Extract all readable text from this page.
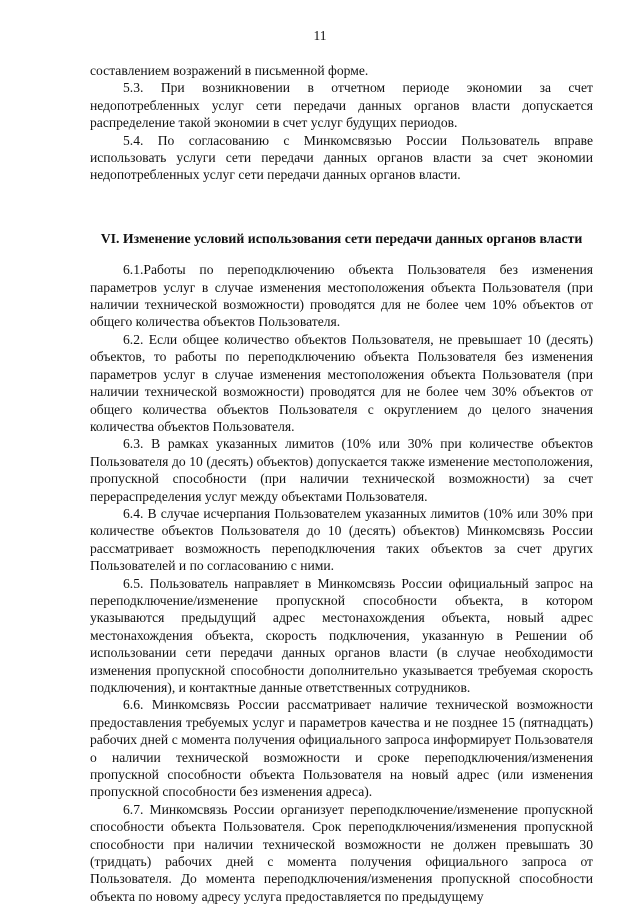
11

составлением возражений в письменной форме.

5.3. При возникновении в отчетном периоде экономии за счет недопотребленных услуг сети передачи данных органов власти допускается распределение такой экономии в счет услуг будущих периодов.

5.4. По согласованию с Минкомсвязью России Пользователь вправе использовать услуги сети передачи данных органов власти за счет экономии недопотребленных услуг сети передачи данных органов власти.

VI. Изменение условий использования сети передачи данных органов власти

6.1.Работы по переподключению объекта Пользователя без изменения параметров услуг в случае изменения местоположения объекта Пользователя (при наличии технической возможности) проводятся для не более чем 10% объектов от общего количества объектов Пользователя.

6.2. Если общее количество объектов Пользователя, не превышает 10 (десять) объектов, то работы по переподключению объекта Пользователя без изменения параметров услуг в случае изменения местоположения объекта Пользователя (при наличии технической возможности) проводятся для не более чем 30% объектов от общего количества объектов Пользователя с округлением до целого значения количества объектов Пользователя.

6.3. В рамках указанных лимитов (10% или 30% при количестве объектов Пользователя до 10 (десять) объектов) допускается также изменение местоположения, пропускной способности (при наличии технической возможности) за счет перераспределения услуг между объектами Пользователя.

6.4. В случае исчерпания Пользователем указанных лимитов (10% или 30% при количестве объектов Пользователя до 10 (десять) объектов) Минкомсвязь России рассматривает возможность переподключения таких объектов за счет других Пользователей и по согласованию с ними.

6.5. Пользователь направляет в Минкомсвязь России официальный запрос на переподключение/изменение пропускной способности объекта, в котором указываются предыдущий адрес местонахождения объекта, новый адрес местонахождения объекта, скорость подключения, указанную в Решении об использовании сети передачи данных органов власти (в случае необходимости изменения пропускной способности дополнительно указывается требуемая скорость подключения), и контактные данные ответственных сотрудников.

6.6. Минкомсвязь России рассматривает наличие технической возможности предоставления требуемых услуг и параметров качества и не позднее 15 (пятнадцать) рабочих дней с момента получения официального запроса информирует Пользователя о наличии технической возможности и сроке переподключения/изменения пропускной способности объекта Пользователя на новый адрес (или изменения пропускной способности без изменения адреса).

6.7. Минкомсвязь России организует переподключение/изменение пропускной способности объекта Пользователя. Срок переподключения/изменения пропускной способности при наличии технической возможности не должен превышать 30 (тридцать) рабочих дней с момента получения официального запроса от Пользователя. До момента переподключения/изменения пропускной способности объекта по новому адресу услуга предоставляется по предыдущему
